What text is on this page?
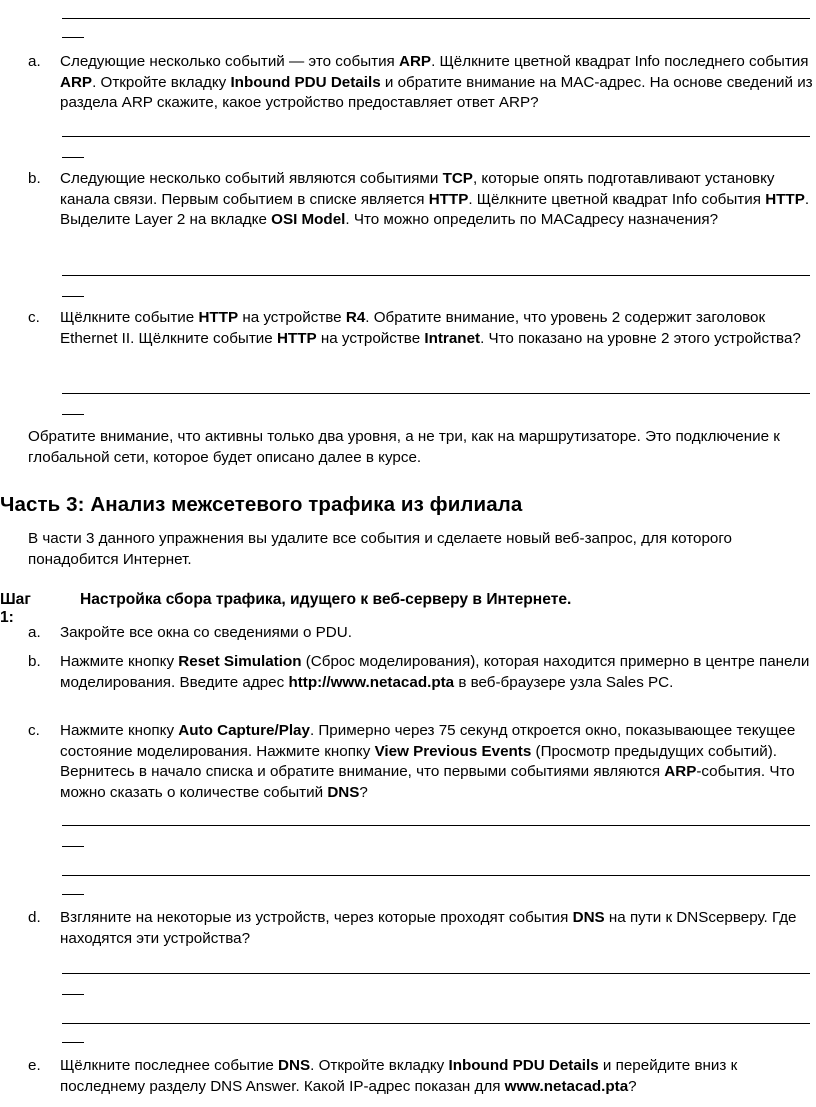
a.	Следующие несколько событий — это события ARP. Щёлкните цветной квадрат Info последнего события ARP. Откройте вкладку Inbound PDU Details и обратите внимание на MAC-адрес. На основе сведений из раздела ARP скажите, какое устройство предоставляет ответ ARP?
b.	Следующие несколько событий являются событиями TCP, которые опять подготавливают установку канала связи. Первым событием в списке является HTTP. Щёлкните цветной квадрат Info события HTTP. Выделите Layer 2 на вкладке OSI Model. Что можно определить по MACадресу назначения?
c.	Щёлкните событие HTTP на устройстве R4. Обратите внимание, что уровень 2 содержит заголовок Ethernet II. Щёлкните событие HTTP на устройстве Intranet. Что показано на уровне 2 этого устройства?
Обратите внимание, что активны только два уровня, а не три, как на маршрутизаторе. Это подключение к глобальной сети, которое будет описано далее в курсе.
Часть 3: Анализ межсетевого трафика из филиала
В части 3 данного упражнения вы удалите все события и сделаете новый веб-запрос, для которого понадобится Интернет.
Шаг 1:
Настройка сбора трафика, идущего к веб-серверу в Интернете.
a.	Закройте все окна со сведениями о PDU.
b.	Нажмите кнопку Reset Simulation (Сброс моделирования), которая находится примерно в центре панели моделирования. Введите адрес http://www.netacad.pta в веб-браузере узла Sales PC.
c.	Нажмите кнопку Auto Capture/Play. Примерно через 75 секунд откроется окно, показывающее текущее состояние моделирования. Нажмите кнопку View Previous Events (Просмотр предыдущих событий). Вернитесь в начало списка и обратите внимание, что первыми событиями являются ARP-события. Что можно сказать о количестве событий DNS?
d.	Взгляните на некоторые из устройств, через которые проходят события DNS на пути к DNSсерверу. Где находятся эти устройства?
e.	Щёлкните последнее событие DNS. Откройте вкладку Inbound PDU Details и перейдите вниз к последнему разделу DNS Answer. Какой IP-адрес показан для www.netacad.pta?
